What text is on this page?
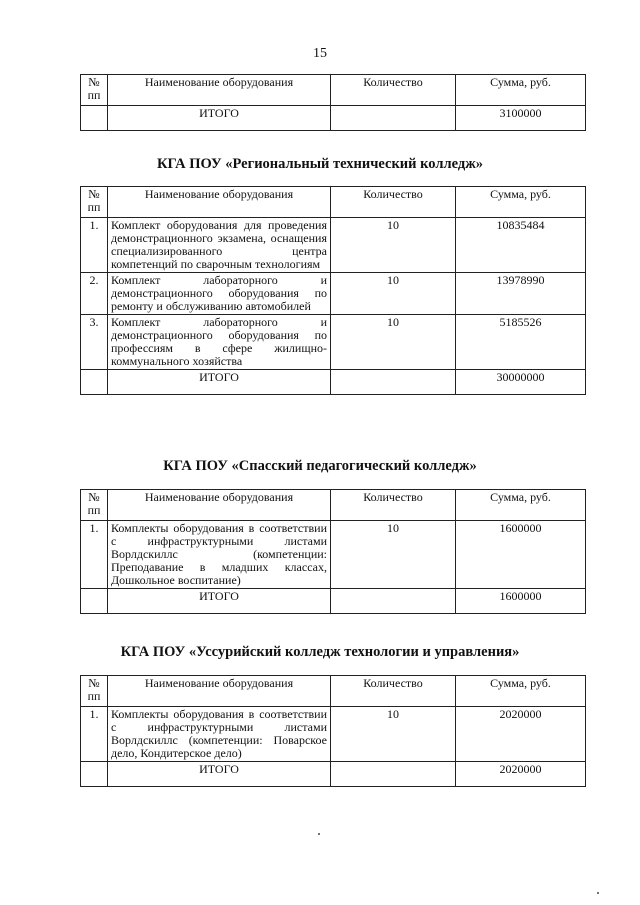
15
№ пп	Наименование оборудования	Количество	Сумма, руб.
	ИТОГО		3100000
КГА ПОУ «Региональный технический колледж»
№ пп	Наименование оборудования	Количество	Сумма, руб.
1.	Комплект оборудования для проведения демонстрационного экзамена, оснащения специализированного центра компетенций по сварочным технологиям	10	10835484
2.	Комплект лабораторного и демонстрационного оборудования по ремонту и обслуживанию автомобилей	10	13978990
3.	Комплект лабораторного и демонстрационного оборудования по профессиям в сфере жилищно-коммунального хозяйства	10	5185526
	ИТОГО		30000000
КГА ПОУ «Спасский педагогический колледж»
№ пп	Наименование оборудования	Количество	Сумма, руб.
1.	Комплекты оборудования в соответствии с инфраструктурными листами Ворлдскиллс (компетенции: Преподавание в младших классах, Дошкольное воспитание)	10	1600000
	ИТОГО		1600000
КГА ПОУ «Уссурийский колледж технологии и управления»
№ пп	Наименование оборудования	Количество	Сумма, руб.
1.	Комплекты оборудования в соответствии с инфраструктурными листами Ворлдскиллс (компетенции: Поварское дело, Кондитерское дело)	10	2020000
	ИТОГО		2020000
